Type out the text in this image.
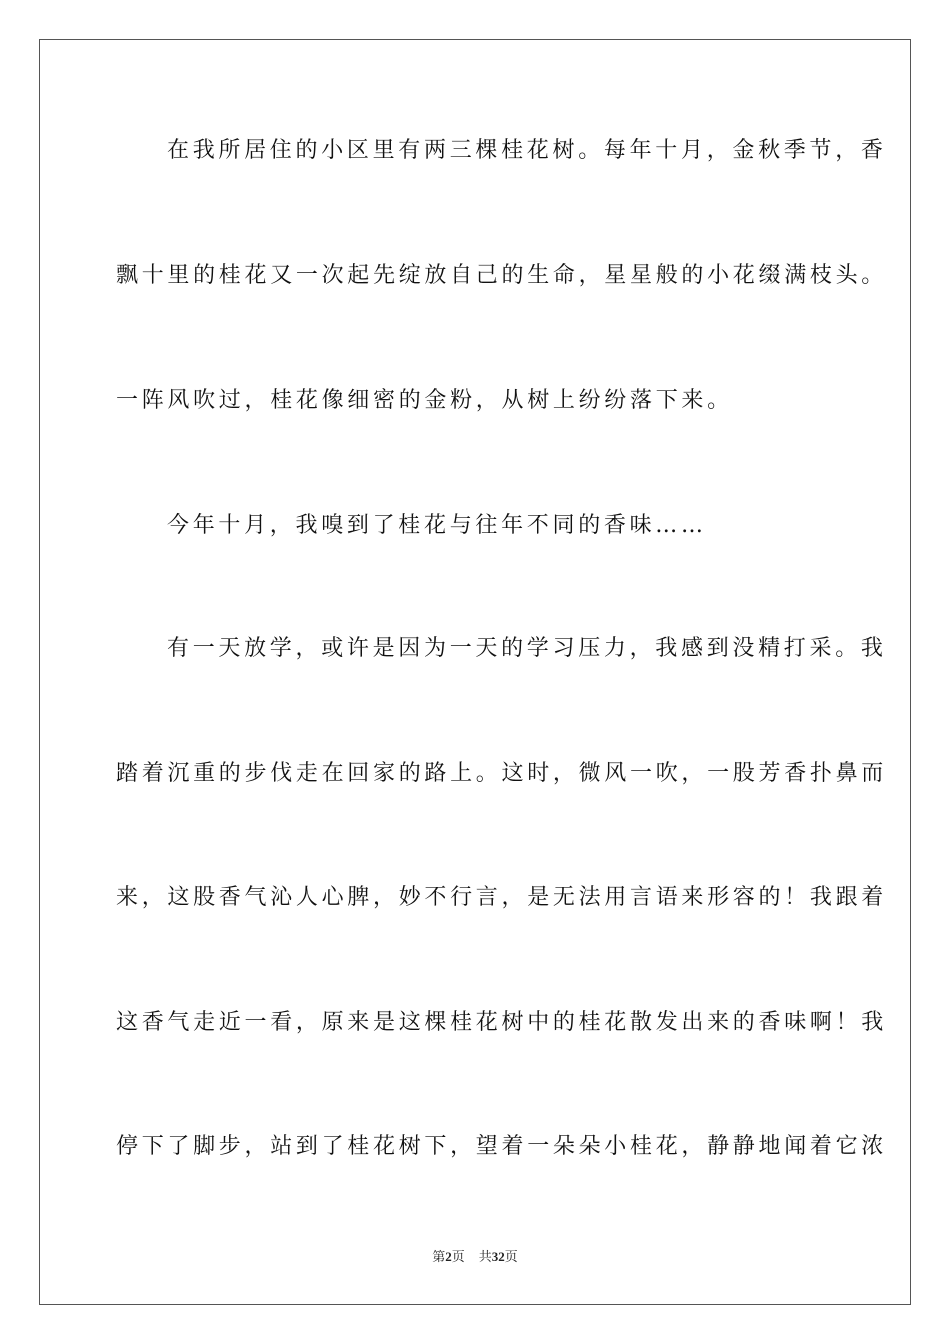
在我所居住的小区里有两三棵桂花树。每年十月，金秋季节，香
飘十里的桂花又一次起先绽放自己的生命，星星般的小花缀满枝头。
一阵风吹过，桂花像细密的金粉，从树上纷纷落下来。
今年十月，我嗅到了桂花与往年不同的香味……
有一天放学，或许是因为一天的学习压力，我感到没精打采。我
踏着沉重的步伐走在回家的路上。这时，微风一吹，一股芳香扑鼻而
来，这股香气沁人心脾，妙不行言，是无法用言语来形容的！我跟着
这香气走近一看，原来是这棵桂花树中的桂花散发出来的香味啊！我
停下了脚步，站到了桂花树下，望着一朵朵小桂花，静静地闻着它浓
第2页 共32页
